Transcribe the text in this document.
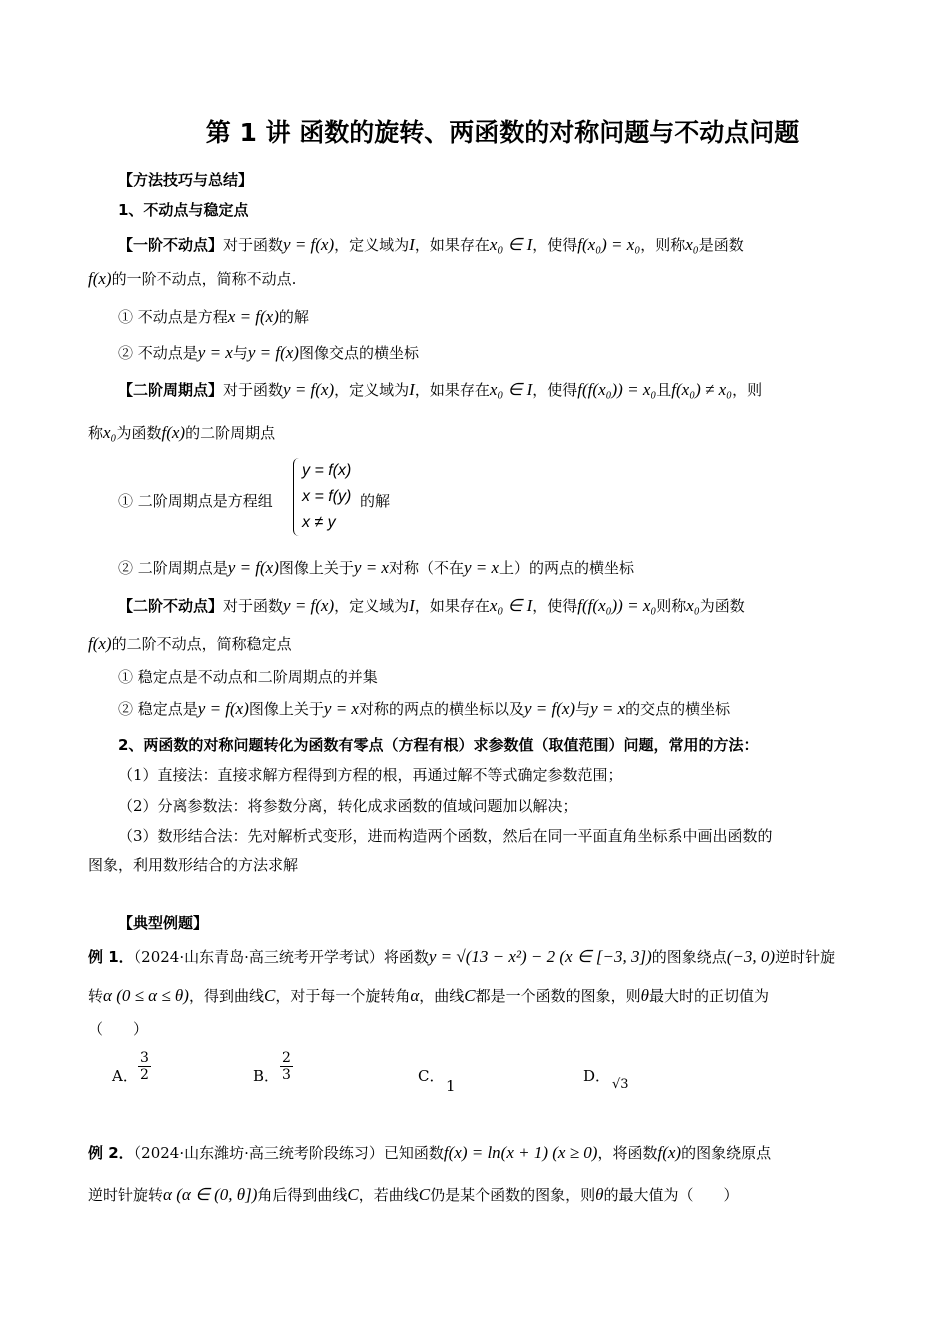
第 1 讲 函数的旋转、两函数的对称问题与不动点问题
【方法技巧与总结】
1、不动点与稳定点
【一阶不动点】对于函数y = f(x)，定义域为I，如果存在x₀ ∈ I，使得f(x₀) = x₀，则称x₀是函数
f(x)的一阶不动点，简称不动点.
① 不动点是方程x = f(x)的解
② 不动点是y = x与y = f(x)图像交点的横坐标
【二阶周期点】对于函数y = f(x)，定义域为I，如果存在x₀ ∈ I，使得f(f(x₀)) = x₀且f(x₀) ≠ x₀，则
称x₀为函数f(x)的二阶周期点
① 二阶周期点是方程组
y = f(x)
x = f(y)
x ≠ y
的解
② 二阶周期点是y = f(x)图像上关于y = x对称（不在y = x上）的两点的横坐标
【二阶不动点】对于函数y = f(x)，定义域为I，如果存在x₀ ∈ I，使得f(f(x₀)) = x₀则称x₀为函数
f(x)的二阶不动点，简称稳定点
① 稳定点是不动点和二阶周期点的并集
② 稳定点是y = f(x)图像上关于y = x对称的两点的横坐标以及y = f(x)与y = x的交点的横坐标
2、两函数的对称问题转化为函数有零点（方程有根）求参数值（取值范围）问题，常用的方法：
（1）直接法：直接求解方程得到方程的根，再通过解不等式确定参数范围；
（2）分离参数法：将参数分离，转化成求函数的值域问题加以解决；
（3）数形结合法：先对解析式变形，进而构造两个函数，然后在同一平面直角坐标系中画出函数的
图象，利用数形结合的方法求解
【典型例题】
例 1．（2024·山东青岛·高三统考开学考试）将函数y = √(13 − x²) − 2 (x ∈ [−3, 3])的图象绕点(−3, 0)逆时针旋
转α (0 ≤ α ≤ θ)，得到曲线C，对于每一个旋转角α，曲线C都是一个函数的图象，则θ最大时的正切值为
（　　）
A． $\frac{3}{2}$	B． $\frac{2}{3}$	C．
1
D． √3
例 2．（2024·山东潍坊·高三统考阶段练习）已知函数f(x) = ln(x + 1) (x ≥ 0)，将函数f(x)的图象绕原点
逆时针旋转α (α ∈ (0, θ])角后得到曲线C，若曲线C仍是某个函数的图象，则θ的最大值为（　　）
